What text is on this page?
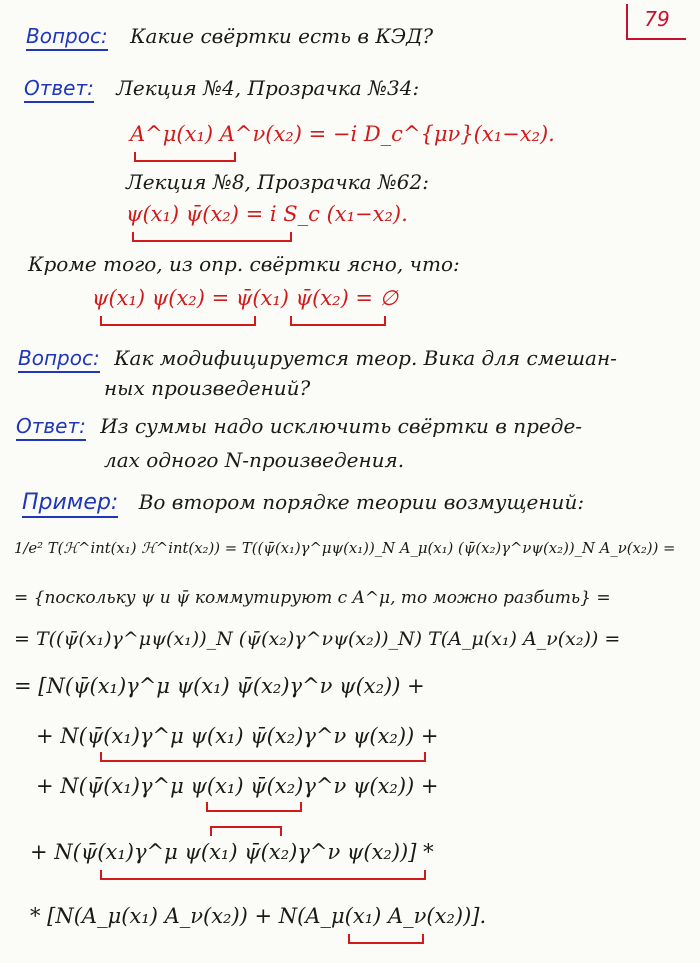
79
Вопрос: Какие свёртки есть в КЭД?
Ответ: Лекция №4, Прозрачка №34:
A^μ(x₁) A^ν(x₂) = −i D_c^{μν}(x₁−x₂).
Лекция №8, Прозрачка №62:
ψ(x₁) ψ̄(x₂) = i S_c (x₁−x₂).
Кроме того, из опр. свёртки ясно, что:
ψ(x₁) ψ(x₂) = ψ̄(x₁) ψ̄(x₂) = ∅
Вопрос: Как модифицируется теор. Вика для смешан-
ных произведений?
Ответ: Из суммы надо исключить свёртки в преде-
лах одного N-произведения.
Пример: Во втором порядке теории возмущений:
1/e² T(ℋ^int(x₁) ℋ^int(x₂)) = T((ψ̄(x₁)γ^μψ(x₁))_N A_μ(x₁) (ψ̄(x₂)γ^νψ(x₂))_N A_ν(x₂)) =
= {поскольку ψ и ψ̄ коммутируют с A^μ, то можно разбить} =
= T((ψ̄(x₁)γ^μψ(x₁))_N (ψ̄(x₂)γ^νψ(x₂))_N) T(A_μ(x₁) A_ν(x₂)) =
= [N(ψ̄(x₁)γ^μ ψ(x₁) ψ̄(x₂)γ^ν ψ(x₂)) +
+ N(ψ̄(x₁)γ^μ ψ(x₁) ψ̄(x₂)γ^ν ψ(x₂)) +
+ N(ψ̄(x₁)γ^μ ψ(x₁) ψ̄(x₂)γ^ν ψ(x₂)) +
+ N(ψ̄(x₁)γ^μ ψ(x₁) ψ̄(x₂)γ^ν ψ(x₂))] *
* [N(A_μ(x₁) A_ν(x₂)) + N(A_μ(x₁) A_ν(x₂))].
